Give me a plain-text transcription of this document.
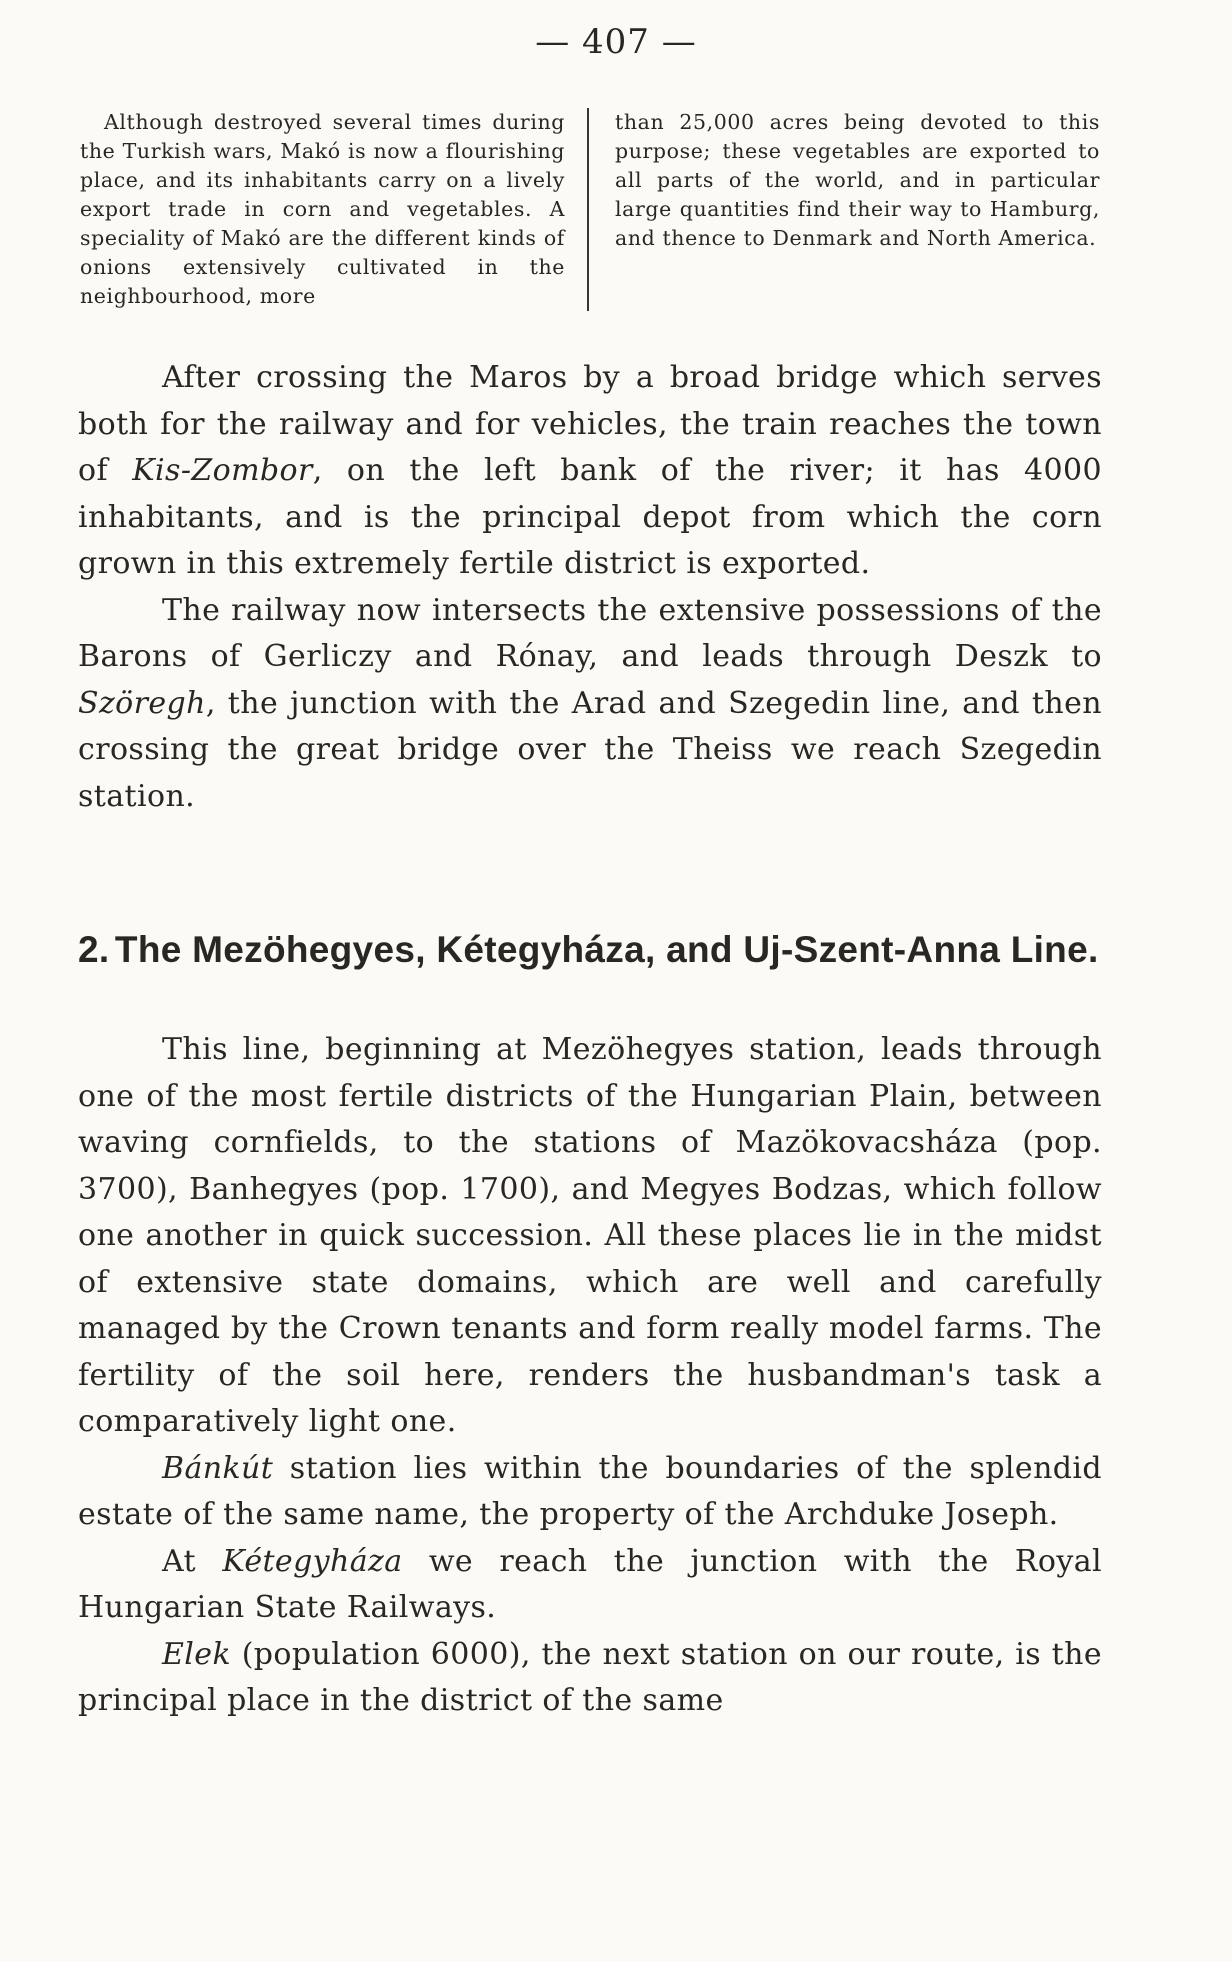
— 407 —

Although destroyed several times during the Turkish wars, Makó is now a flourishing place, and its inhabitants carry on a lively export trade in corn and vegetables. A speciality of Makó are the different kinds of onions extensively cultivated in the neighbourhood, more

than 25,000 acres being devoted to this purpose; these vegetables are exported to all parts of the world, and in particular large quantities find their way to Hamburg, and thence to Denmark and North America.

After crossing the Maros by a broad bridge which serves both for the railway and for vehicles, the train reaches the town of Kis-Zombor, on the left bank of the river; it has 4000 inhabitants, and is the principal depot from which the corn grown in this extremely fertile district is exported.

The railway now intersects the extensive possessions of the Barons of Gerliczy and Rónay, and leads through Deszk to Szöregh, the junction with the Arad and Szegedin line, and then crossing the great bridge over the Theiss we reach Szegedin station.

2. The Mezöhegyes, Kétegyháza, and Uj-Szent-Anna Line.

This line, beginning at Mezöhegyes station, leads through one of the most fertile districts of the Hungarian Plain, between waving cornfields, to the stations of Mazökovacsháza (pop. 3700), Banhegyes (pop. 1700), and Megyes Bodzas, which follow one another in quick succession. All these places lie in the midst of extensive state domains, which are well and carefully managed by the Crown tenants and form really model farms. The fertility of the soil here, renders the husbandman's task a comparatively light one.

Bánkút station lies within the boundaries of the splendid estate of the same name, the property of the Archduke Joseph.

At Kétegyháza we reach the junction with the Royal Hungarian State Railways.

Elek (population 6000), the next station on our route, is the principal place in the district of the same
